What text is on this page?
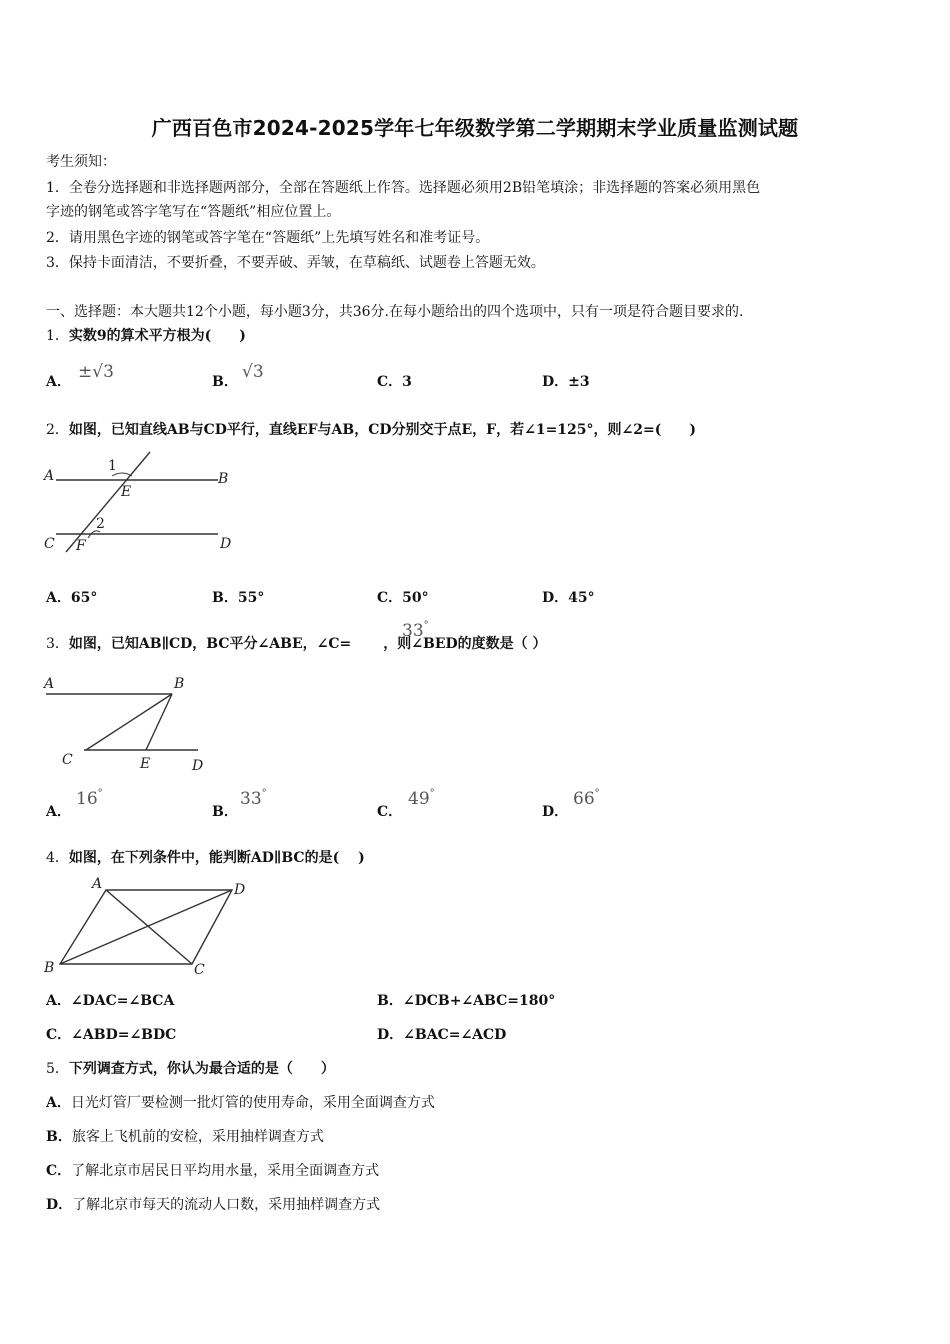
广西百色市2024-2025学年七年级数学第二学期期末学业质量监测试题
考生须知：
1．全卷分选择题和非选择题两部分，全部在答题纸上作答。选择题必须用2B铅笔填涂；非选择题的答案必须用黑色
字迹的钢笔或答字笔写在“答题纸”相应位置上。
2．请用黑色字迹的钢笔或答字笔在“答题纸”上先填写姓名和准考证号。
3．保持卡面清洁，不要折叠，不要弄破、弄皱，在草稿纸、试题卷上答题无效。
一、选择题：本大题共12个小题，每小题3分，共36分.在每小题给出的四个选项中，只有一项是符合题目要求的.
1．实数9的算术平方根为(　　)
A． ±√3	B． √3	C．3	D．±3
2．如图，已知直线AB与CD平行，直线EF与AB，CD分别交于点E，F，若∠1=125°，则∠2=(　　)
A	B
C	D
E
F
1
2
A．65°	B．55°	C．50°	D．45°
3．如图，已知AB∥CD，BC平分∠ABE，∠C= ，则∠BED的度数是（ ）
33°
A	B
C	E	D
A．
16°
B．
33°
C．
49°
D．
66°
4．如图，在下列条件中，能判断AD∥BC的是(　 )
A	D
B	C
A．∠DAC=∠BCA	B．∠DCB+∠ABC=180°
C．∠ABD=∠BDC	D．∠BAC=∠ACD
5．下列调查方式，你认为最合适的是（　　）
A．日光灯管厂要检测一批灯管的使用寿命，采用全面调查方式
B．旅客上飞机前的安检，采用抽样调查方式
C．了解北京市居民日平均用水量，采用全面调查方式
D．了解北京市每天的流动人口数，采用抽样调查方式
